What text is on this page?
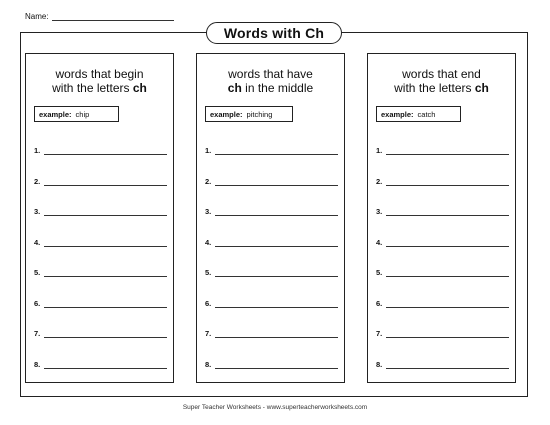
Name:
Words with Ch
words that begin
with the letters ch
example: chip
1.
2.
3.
4.
5.
6.
7.
8.
words that have
ch in the middle
example: pitching
1.
2.
3.
4.
5.
6.
7.
8.
words that end
with the letters ch
example: catch
1.
2.
3.
4.
5.
6.
7.
8.
Super Teacher Worksheets - www.superteacherworksheets.com
